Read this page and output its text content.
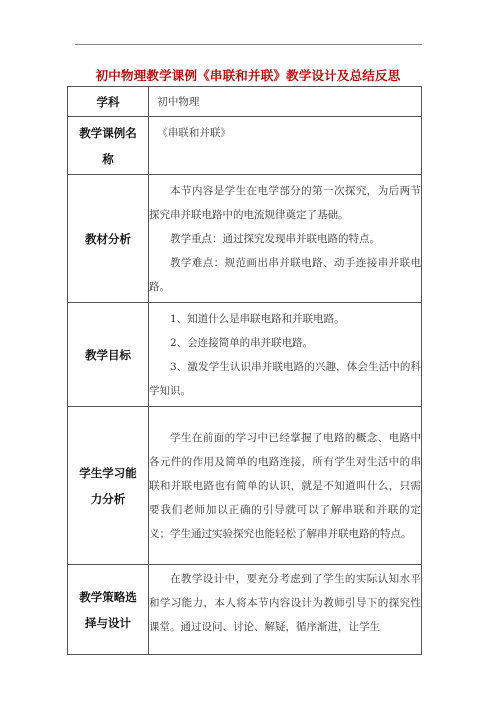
初中物理教学课例《串联和并联》教学设计及总结反思
学科	初中物理

教学课例名称	《串联和并联》

教材分析	本节内容是学生在电学部分的第一次探究，为后两节探究串并联电路中的电流规律奠定了基础。

教学重点：通过探究发现串并联电路的特点。

教学难点：规范画出串并联电路、动手连接串并联电路。

教学目标	1、知道什么是串联电路和并联电路。

2、会连接简单的串并联电路。

3、激发学生认识串并联电路的兴趣，体会生活中的科学知识。

学生学习能力分析	学生在前面的学习中已经掌握了电路的概念、电路中各元件的作用及简单的电路连接，所有学生对生活中的串联和并联电路也有简单的认识，就是不知道叫什么，只需要我们老师加以正确的引导就可以了解串联和并联的定义；学生通过实验探究也能轻松了解串并联电路的特点。

教学策略选择与设计	在教学设计中，要充分考虑到了学生的实际认知水平和学习能力，本人将本节内容设计为教师引导下的探究性课堂。通过设问、讨论、解疑，循序渐进，让学生
